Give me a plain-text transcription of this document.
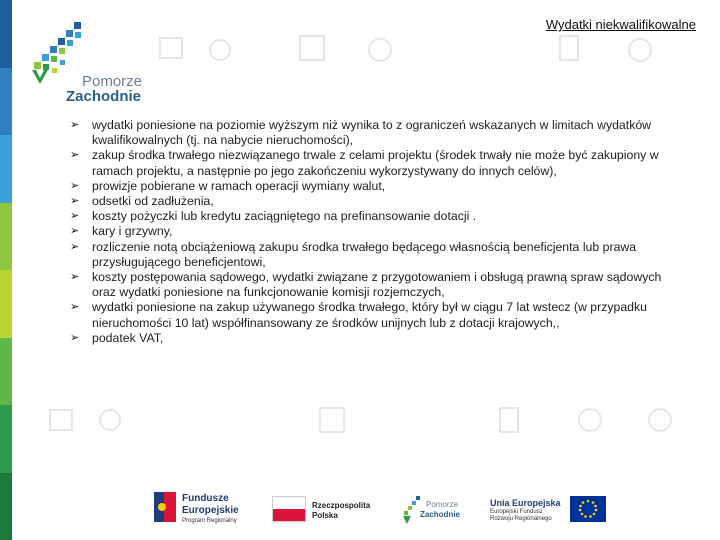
Wydatki niekwalifikowalne
Pomorze
Zachodnie
➢ wydatki poniesione na poziomie wyższym niż wynika to z ograniczeń wskazanych w limitach wydatków kwalifikowalnych (tj. na nabycie nieruchomości),
➢ zakup środka trwałego niezwiązanego trwale z celami projektu (środek trwały nie może być zakupiony w ramach projektu, a następnie po jego zakończeniu wykorzystywany do innych celów),
➢ prowizje pobierane w ramach operacji wymiany walut,
➢ odsetki od zadłużenia,
➢ koszty pożyczki lub kredytu zaciągniętego na prefinansowanie dotacji .
➢ kary i grzywny,
➢ rozliczenie notą obciążeniową zakupu środka trwałego będącego własnością beneficjenta lub prawa przysługującego beneficjentowi,
➢ koszty postępowania sądowego, wydatki związane z przygotowaniem i obsługą prawną spraw sądowych oraz wydatki poniesione na funkcjonowanie komisji rozjemczych,
➢ wydatki poniesione na zakup używanego środka trwałego, który był w ciągu 7 lat wstecz (w przypadku nieruchomości 10 lat) współfinansowany ze środków unijnych lub z dotacji krajowych,,
➢ podatek VAT,
Fundusze
Europejskie
Program Regionalny
Rzeczpospolita
Polska
Pomorze
Zachodnie
Unia Europejska
Europejski Fundusz
Rozwoju Regionalnego
